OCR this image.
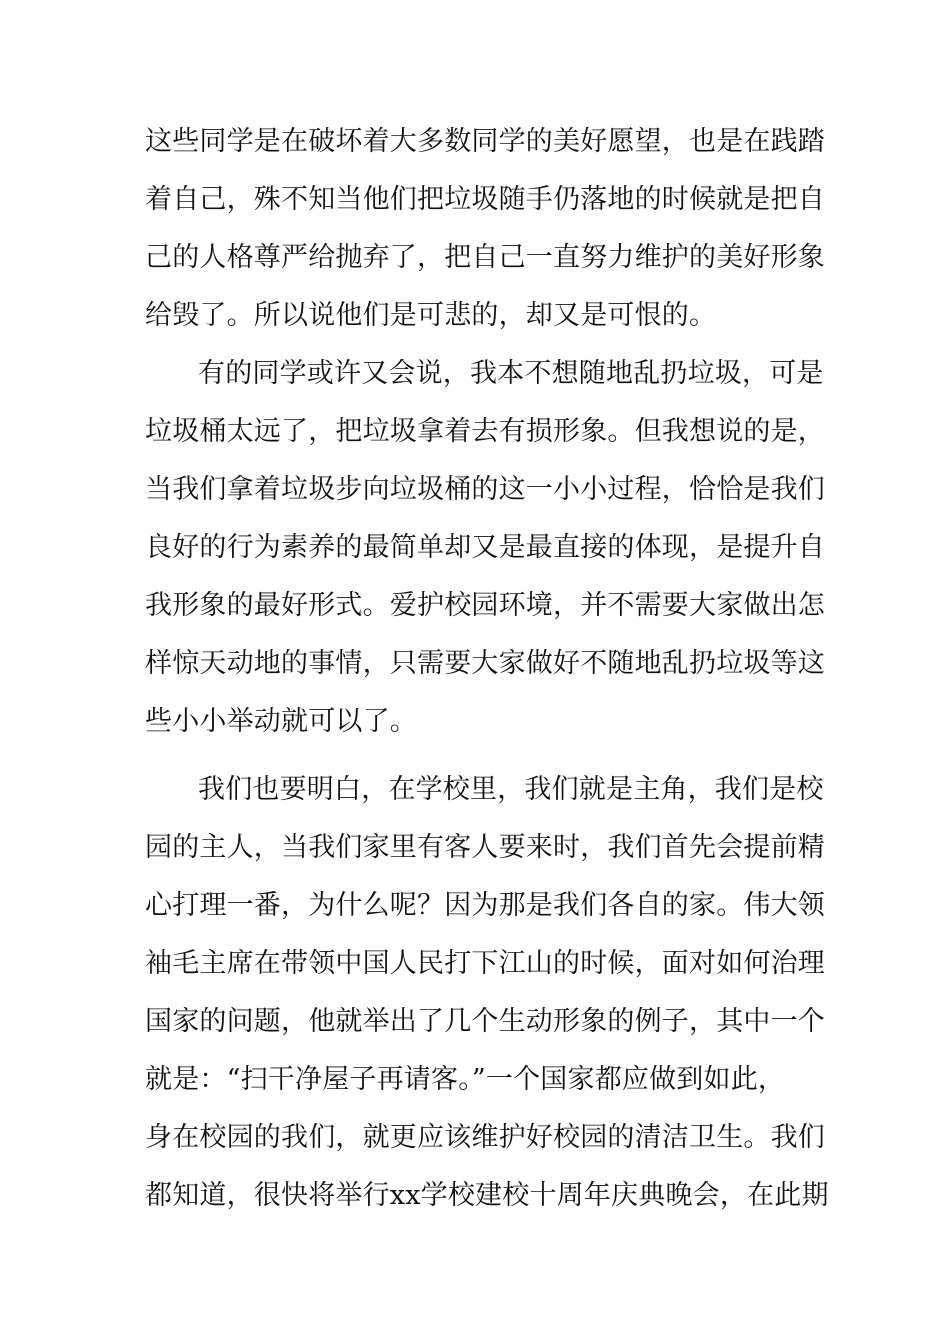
这些同学是在破坏着大多数同学的美好愿望，也是在践踏
着自己，殊不知当他们把垃圾随手仍落地的时候就是把自
己的人格尊严给抛弃了，把自己一直努力维护的美好形象
给毁了。所以说他们是可悲的，却又是可恨的。
有的同学或许又会说，我本不想随地乱扔垃圾，可是
垃圾桶太远了，把垃圾拿着去有损形象。但我想说的是，
当我们拿着垃圾步向垃圾桶的这一小小过程，恰恰是我们
良好的行为素养的最简单却又是最直接的体现，是提升自
我形象的最好形式。爱护校园环境，并不需要大家做出怎
样惊天动地的事情，只需要大家做好不随地乱扔垃圾等这
些小小举动就可以了。
我们也要明白，在学校里，我们就是主角，我们是校
园的主人，当我们家里有客人要来时，我们首先会提前精
心打理一番，为什么呢？因为那是我们各自的家。伟大领
袖毛主席在带领中国人民打下江山的时候，面对如何治理
国家的问题，他就举出了几个生动形象的例子，其中一个
就是：“扫干净屋子再请客。”一个国家都应做到如此，
身在校园的我们，就更应该维护好校园的清洁卫生。我们
都知道，很快将举行xx学校建校十周年庆典晚会，在此期
